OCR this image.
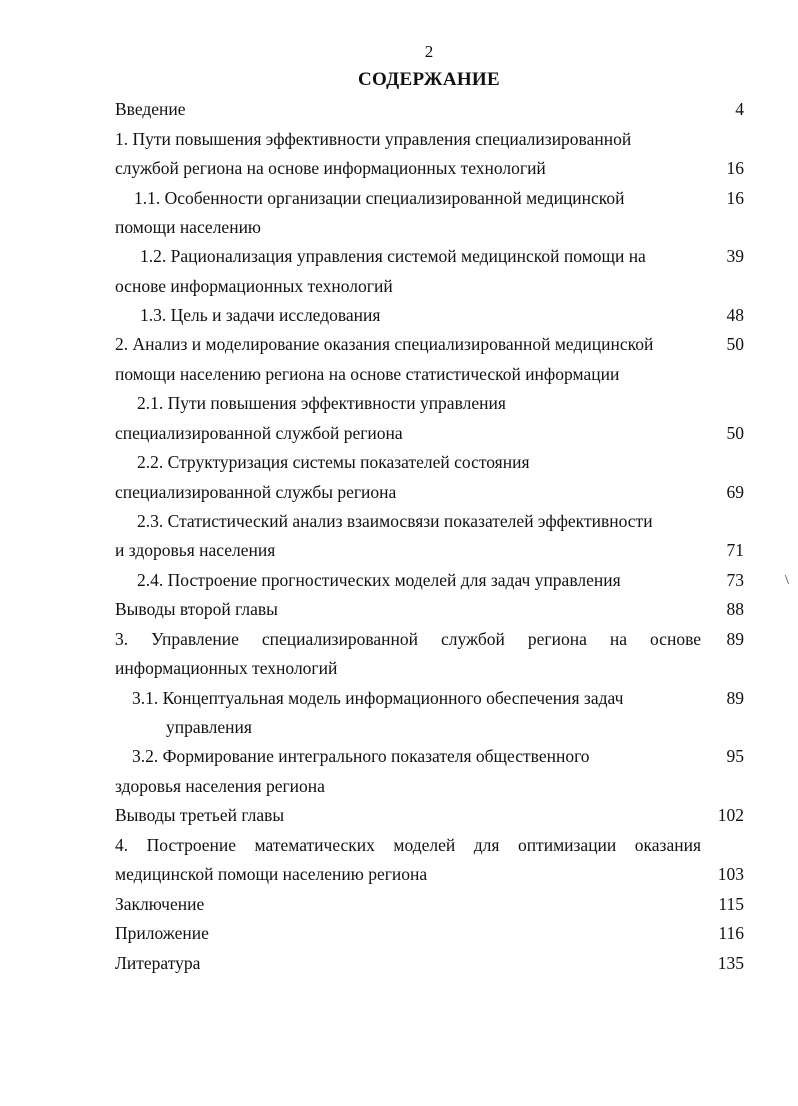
2
СОДЕРЖАНИЕ
Введение
1. Пути повышения эффективности управления специализированной
службой региона на основе информационных технологий
1.1. Особенности организации специализированной медицинской
помощи населению
1.2. Рационализация управления системой медицинской помощи на
основе информационных технологий
1.3. Цель и задачи исследования
2. Анализ и моделирование оказания специализированной медицинской
помощи населению региона на основе статистической информации
2.1. Пути повышения эффективности управления
специализированной службой региона
2.2. Структуризация системы показателей состояния
специализированной службы региона
2.3. Статистический анализ взаимосвязи показателей эффективности
и здоровья населения
2.4. Построение прогностических моделей для задач управления
Выводы второй главы
3. Управление специализированной службой региона на основе
информационных технологий
3.1. Концептуальная модель информационного обеспечения задач
управления
3.2. Формирование интегрального показателя общественного
здоровья населения региона
Выводы третьей главы
4. Построение математических моделей для оптимизации оказания
медицинской помощи населению региона
Заключение
Приложение
Литература
4
16
16
39
48
50
50
69
71
73
88
89
89
95
102
103
115
116
135
\
